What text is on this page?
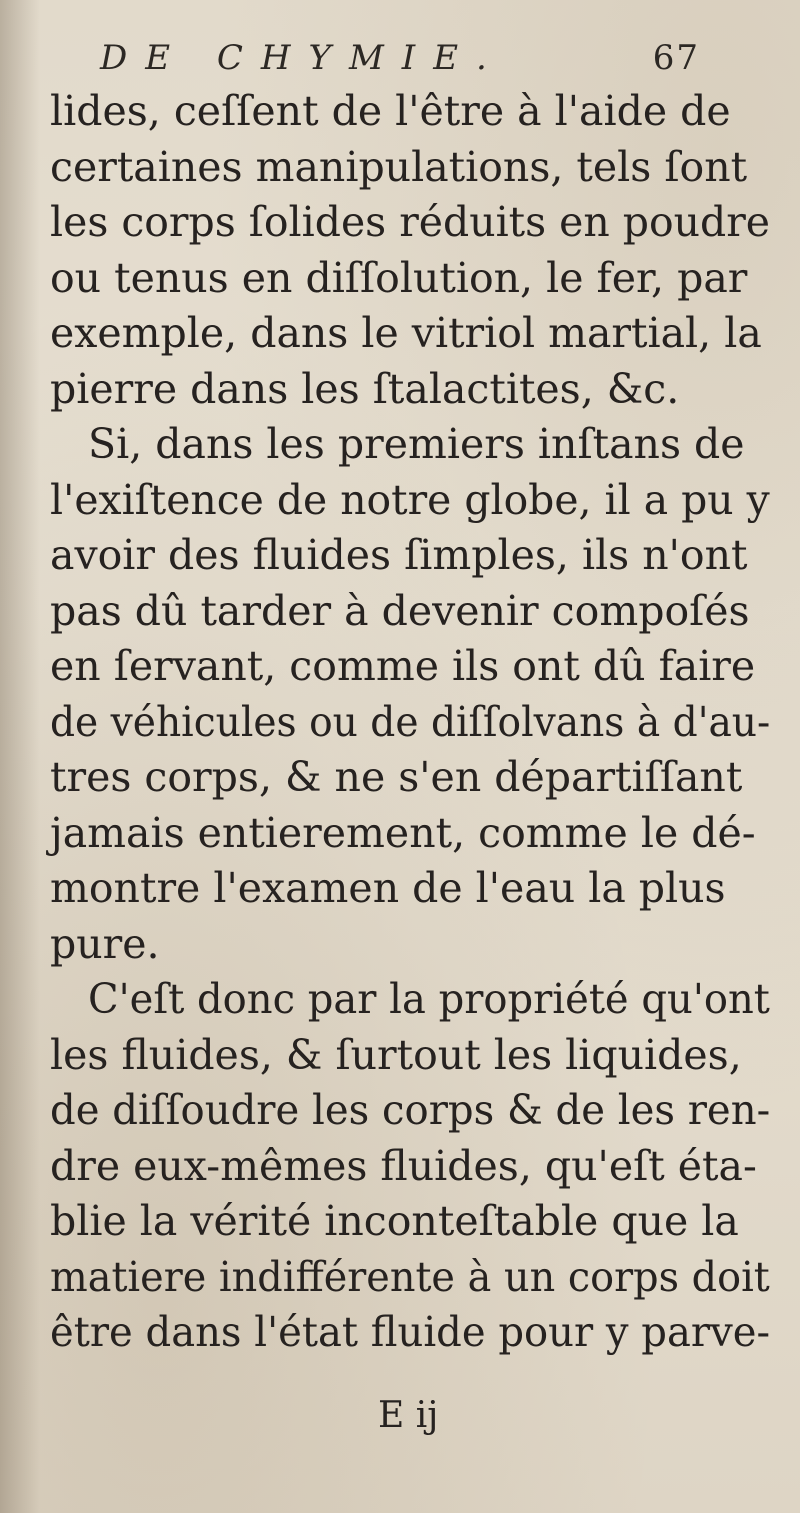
DE CHYMIE.	67
lides, ceſſent de l'être à l'aide de
certaines manipulations, tels ſont
les corps ſolides réduits en poudre
ou tenus en diſſolution, le fer, par
exemple, dans le vitriol martial, la
pierre dans les ſtalactites, &c.
Si, dans les premiers inſtans de
l'exiſtence de notre globe, il a pu y
avoir des fluides ſimples, ils n'ont
pas dû tarder à devenir compoſés
en ſervant, comme ils ont dû faire
de véhicules ou de diſſolvans à d'au-
tres corps, & ne s'en départiſſant
jamais entierement, comme le dé-
montre l'examen de l'eau la plus
pure.
C'eſt donc par la propriété qu'ont
les fluides, & ſurtout les liquides,
de diſſoudre les corps & de les ren-
dre eux-mêmes fluides, qu'eſt éta-
blie la vérité inconteſtable que la
matiere indifférente à un corps doit
être dans l'état fluide pour y parve-
E ij
